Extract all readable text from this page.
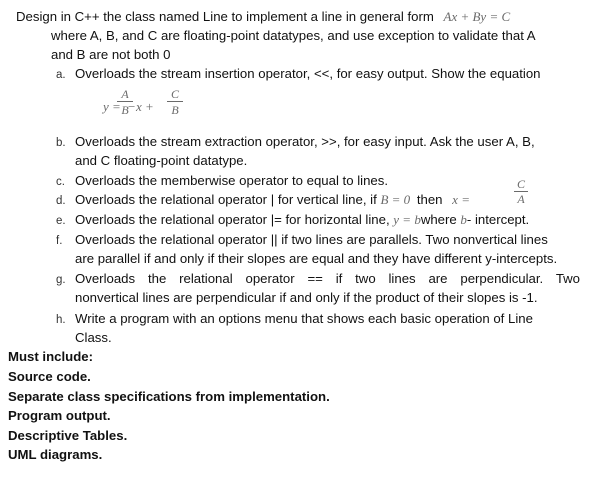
Design in C++ the class named Line to implement a line in general form Ax + By = C
where A, B, and C are floating-point datatypes, and use exception to validate that A
and B are not both 0
a. Overloads the stream insertion operator, <<, for easy output. Show the equation
y = −
A
B x +
C
B
b. Overloads the stream extraction operator, >>, for easy input. Ask the user A, B,
and C floating-point datatype.
c. Overloads the memberwise operator to equal to lines.
d. Overloads the relational operator | for vertical line, if B = 0 then x =
C
A
e. Overloads the relational operator |= for horizontal line, y = bwhere b- intercept.
f. Overloads the relational operator || if two lines are parallels. Two nonvertical lines
are parallel if and only if their slopes are equal and they have different y-intercepts.
g. Overloads the relational operator == if two lines are perpendicular. Two
nonvertical lines are perpendicular if and only if the product of their slopes is -1.
h. Write a program with an options menu that shows each basic operation of Line
Class.
Must include:
Source code.
Separate class specifications from implementation.
Program output.
Descriptive Tables.
UML diagrams.
